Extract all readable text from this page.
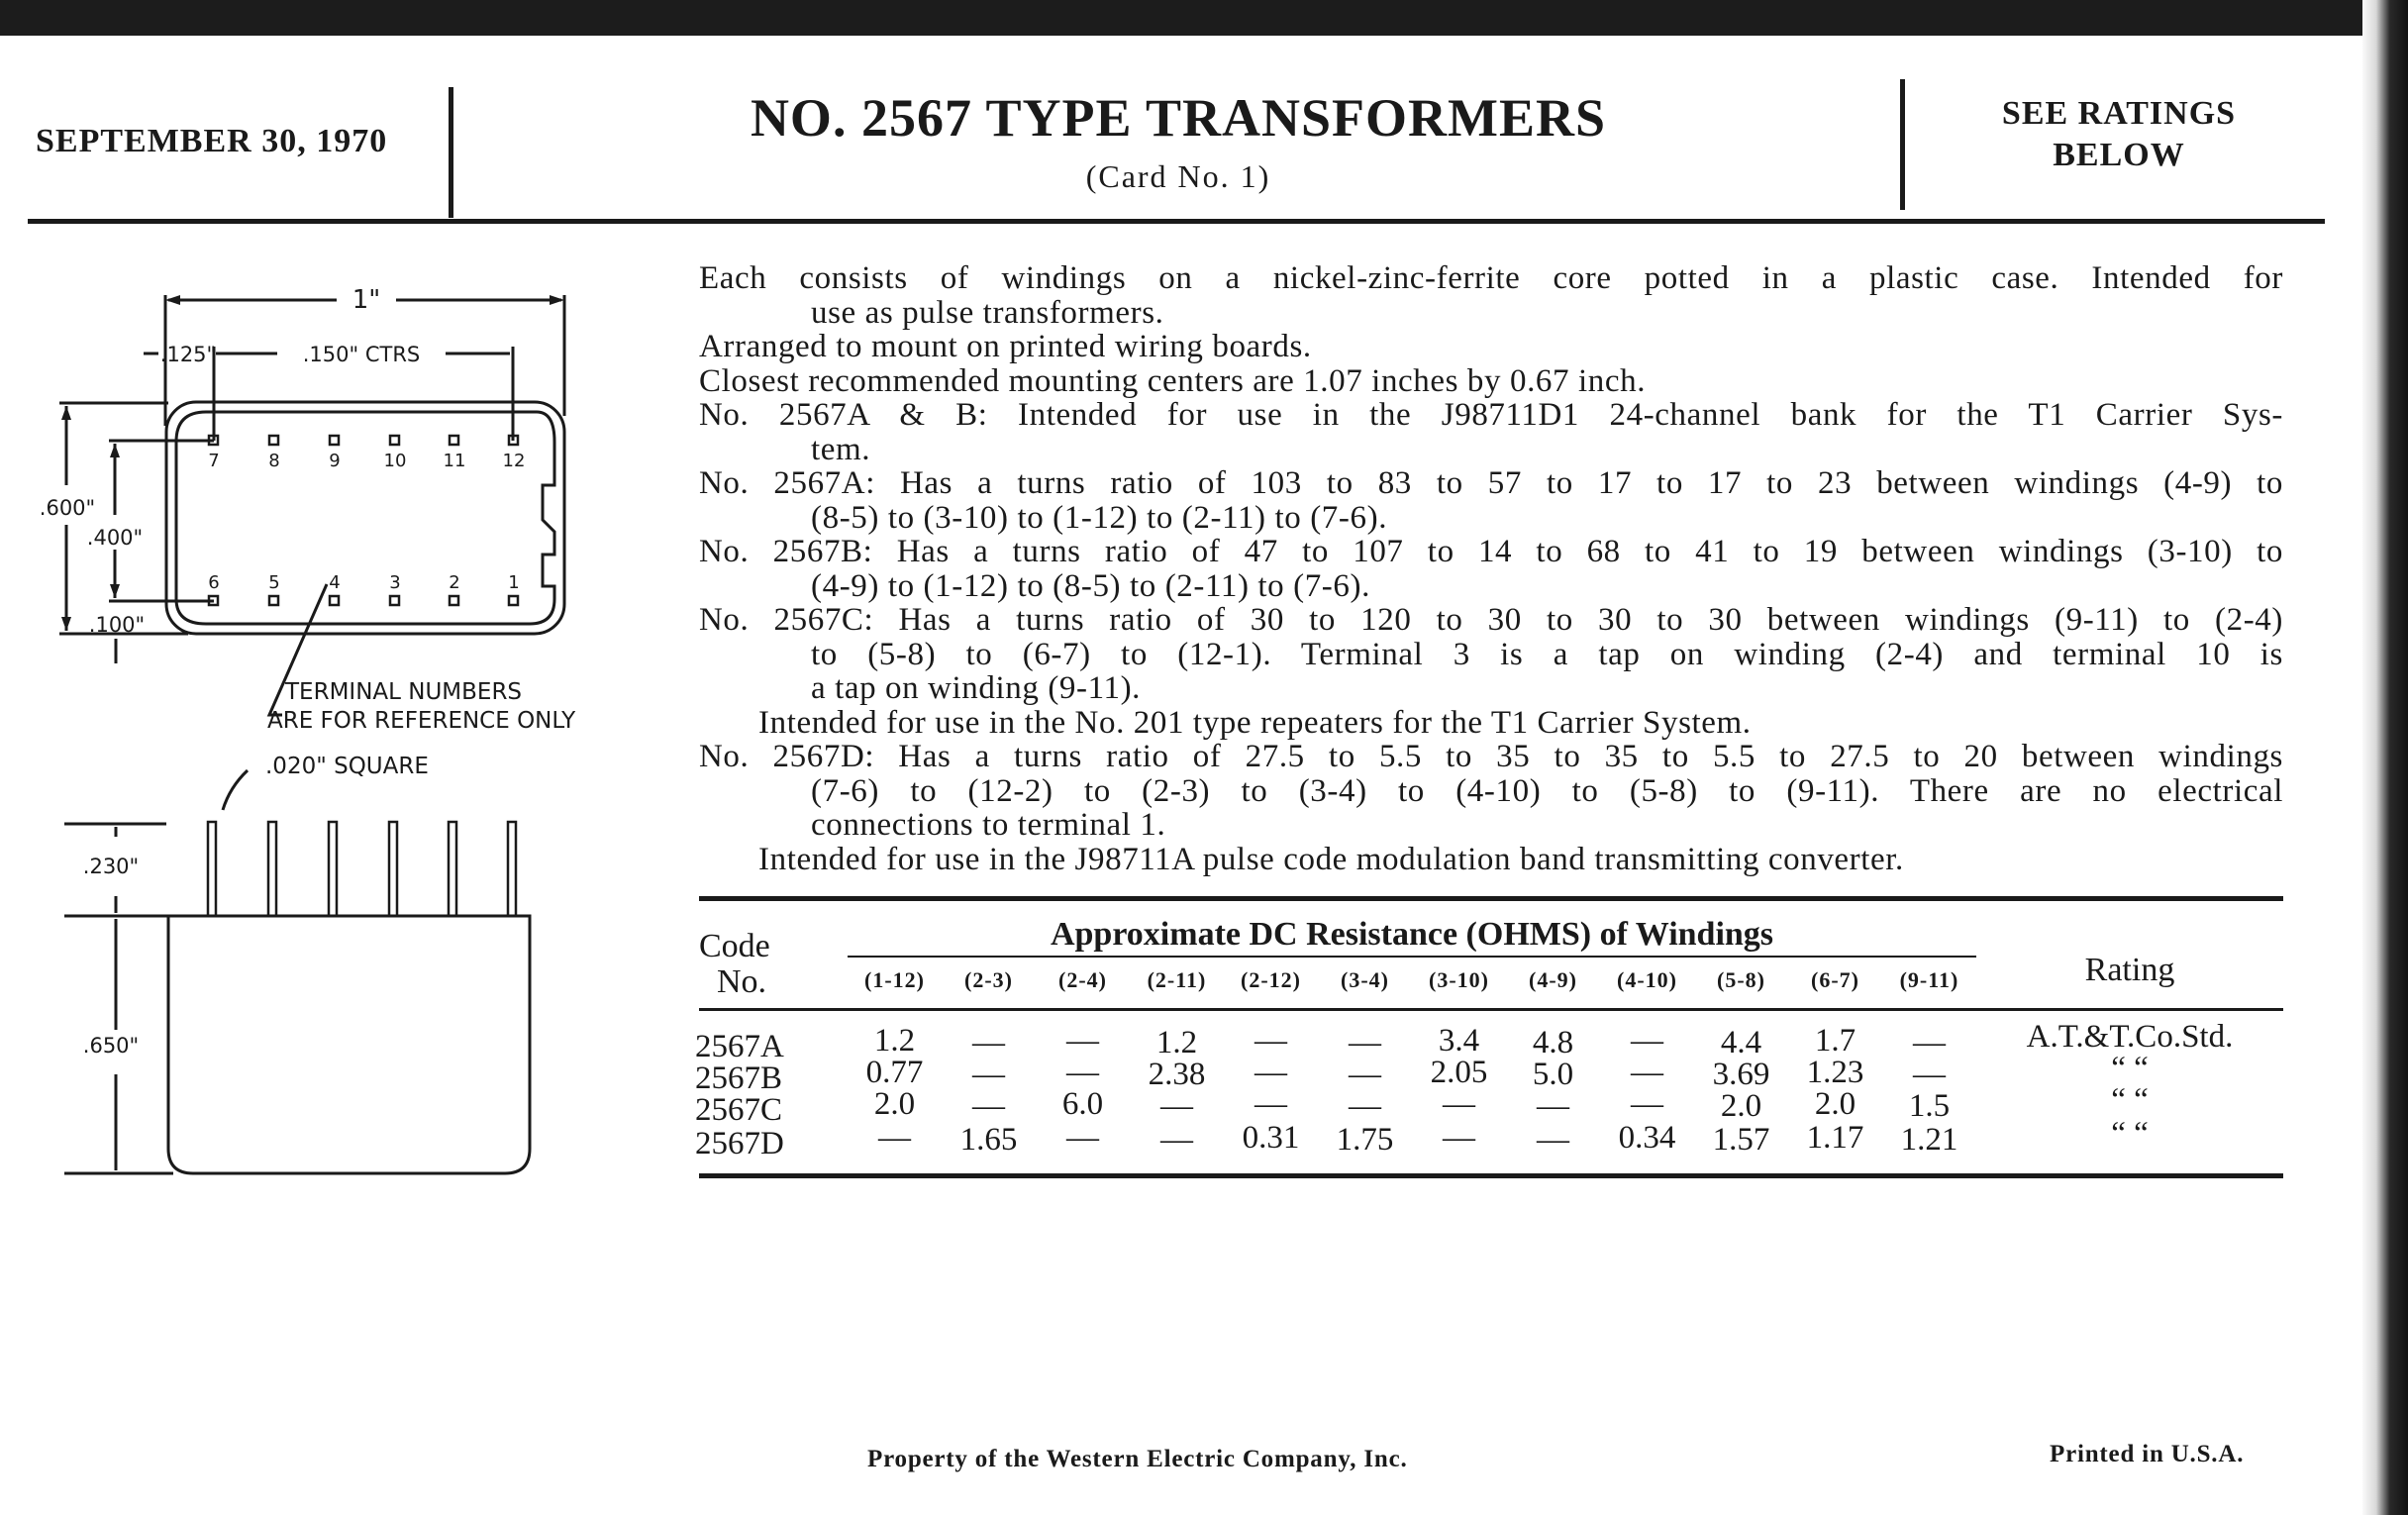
SEPTEMBER 30, 1970	NO. 2567 TYPE TRANSFORMERS
(Card No. 1)
SEE RATINGS
BELOW
1"
.125"	.150" CTRS
.600"
.400"
.100"
7	8	9 10 11 12
6	5	4	3	2	1
TERMINAL NUMBERS
ARE FOR REFERENCE ONLY
.020" SQUARE
.230"
.650"
Each consists of windings on a nickel-zinc-ferrite core potted in a plastic case. Intended for
use as pulse transformers.
Arranged to mount on printed wiring boards.
Closest recommended mounting centers are 1.07 inches by 0.67 inch.
No. 2567A & B: Intended for use in the J98711D1 24-channel bank for the T1 Carrier Sys-
tem.
No. 2567A: Has a turns ratio of 103 to 83 to 57 to 17 to 17 to 23 between windings (4-9) to
(8-5) to (3-10) to (1-12) to (2-11) to (7-6).
No. 2567B: Has a turns ratio of 47 to 107 to 14 to 68 to 41 to 19 between windings (3-10) to
(4-9) to (1-12) to (8-5) to (2-11) to (7-6).
No. 2567C: Has a turns ratio of 30 to 120 to 30 to 30 to 30 between windings (9-11) to (2-4)
to (5-8) to (6-7) to (12-1). Terminal 3 is a tap on winding (2-4) and terminal 10 is
a tap on winding (9-11).
Intended for use in the No. 201 type repeaters for the T1 Carrier System.
No. 2567D: Has a turns ratio of 27.5 to 5.5 to 35 to 35 to 5.5 to 27.5 to 20 between windings
(7-6) to (12-2) to (2-3) to (3-4) to (4-10) to (5-8) to (9-11). There are no electrical
connections to terminal 1.
Intended for use in the J98711A pulse code modulation band transmitting converter.
Code
No.
Approximate DC Resistance (OHMS) of Windings
Rating
(1-12)	(2-3)	(2-4)	(2-11)	(2-12)	(3-4)	(3-10)	(4-9)	(4-10)	(5-8)	(6-7)	(9-11)
2567A	1.2	—	—	1.2	—	—	3.4	4.8	—	4.4	1.7	—	A.T.&T.Co.Std.
2567B	0.77	—	—	2.38	—	—	2.05	5.0	—	3.69	1.23	—	“ “
2567C	2.0	—	6.0	—	—	—	—	—	—	2.0	2.0	1.5	“ “
2567D	—	1.65	—	—	0.31	1.75	—	—	0.34	1.57	1.17	1.21	“ “
Property of the Western Electric Company, Inc.	Printed in U.S.A.
